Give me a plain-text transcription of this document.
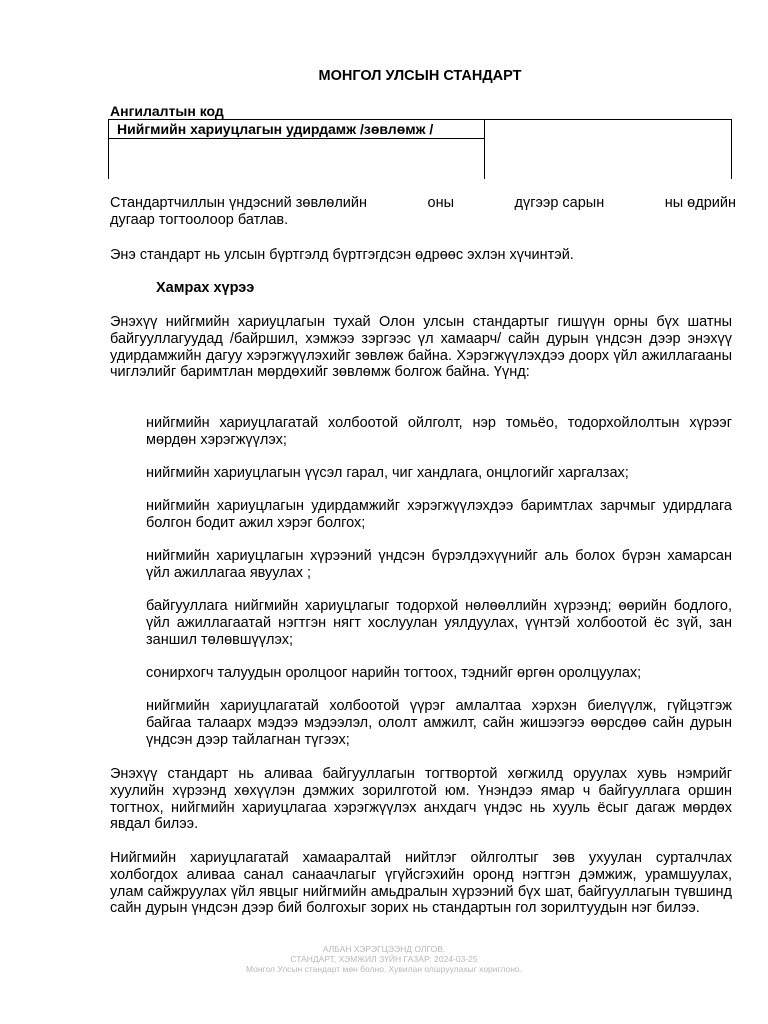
МОНГОЛ УЛСЫН СТАНДАРТ
Ангилалтын код
Нийгмийн хариуцлагын удирдамж /зөвлөмж /
Стандартчиллын үндэсний зөвлөлийн	оны	дүгээр сарын	ны өдрийн
дугаар тогтоолоор батлав.

Энэ стандарт нь улсын бүртгэлд бүртгэгдсэн өдрөөс эхлэн хүчинтэй.

Хамрах хүрээ

Энэхүү нийгмийн хариуцлагын тухай Олон улсын стандартыг гишүүн орны бүх шатны байгууллагуудад /байршил, хэмжээ зэргээс үл хамаарч/ сайн дурын үндсэн дээр энэхүү удирдамжийн дагуу хэрэгжүүлэхийг зөвлөж байна. Хэрэгжүүлэхдээ доорх үйл ажиллагааны чиглэлийг баримтлан мөрдөхийг зөвлөмж болгож байна. Үүнд:

нийгмийн хариуцлагатай холбоотой ойлголт, нэр томьёо, тодорхойлолтын хүрээг мөрдөн хэрэгжүүлэх;

нийгмийн хариуцлагын үүсэл гарал, чиг хандлага, онцлогийг харгалзах;

нийгмийн хариуцлагын удирдамжийг хэрэгжүүлэхдээ баримтлах зарчмыг удирдлага болгон бодит ажил хэрэг болгох;

нийгмийн хариуцлагын хүрээний үндсэн бүрэлдэхүүнийг аль болох бүрэн хамарсан үйл ажиллагаа явуулах ;

байгууллага нийгмийн хариуцлагыг тодорхой нөлөөллийн хүрээнд; өөрийн бодлого, үйл ажиллагаатай нэгтгэн нягт хослуулан уялдуулах, үүнтэй холбоотой ёс зүй, зан заншил төлөвшүүлэх;

сонирхогч талуудын оролцоог нарийн тогтоох, тэднийг өргөн оролцуулах;

нийгмийн хариуцлагатай холбоотой үүрэг амлалтаа хэрхэн биелүүлж, гүйцэтгэж байгаа талаарх мэдээ мэдээлэл, ололт амжилт, сайн жишээгээ өөрсдөө сайн дурын үндсэн дээр тайлагнан түгээх;

Энэхүү стандарт нь аливаа байгууллагын тогтвортой хөгжилд оруулах хувь нэмрийг хуулийн хүрээнд хөхүүлэн дэмжих зорилготой юм. Үнэндээ ямар ч байгууллага оршин тогтнох, нийгмийн хариуцлагаа хэрэгжүүлэх анхдагч үндэс нь хууль ёсыг дагаж мөрдөх явдал билээ.

Нийгмийн хариуцлагатай хамааралтай нийтлэг ойлголтыг зөв ухуулан сурталчлах холбогдох аливаа санал санаачлагыг үгүйсгэхийн оронд нэгтгэн дэмжиж, урамшуулах, улам сайжруулах үйл явцыг нийгмийн амьдралын хүрээний бүх шат, байгууллагын түвшинд сайн дурын үндсэн дээр бий болгохыг зорих нь стандартын гол зорилтуудын нэг билээ.

АЛБАН ХЭРЭГЦЭЭНД ОЛГОВ.
СТАНДАРТ, ХЭМЖИЛ ЗҮЙН ГАЗАР: 2024-03-25
Монгол Улсын стандарт мөн болно. Хувилан олшруулахыг хориглоно.
